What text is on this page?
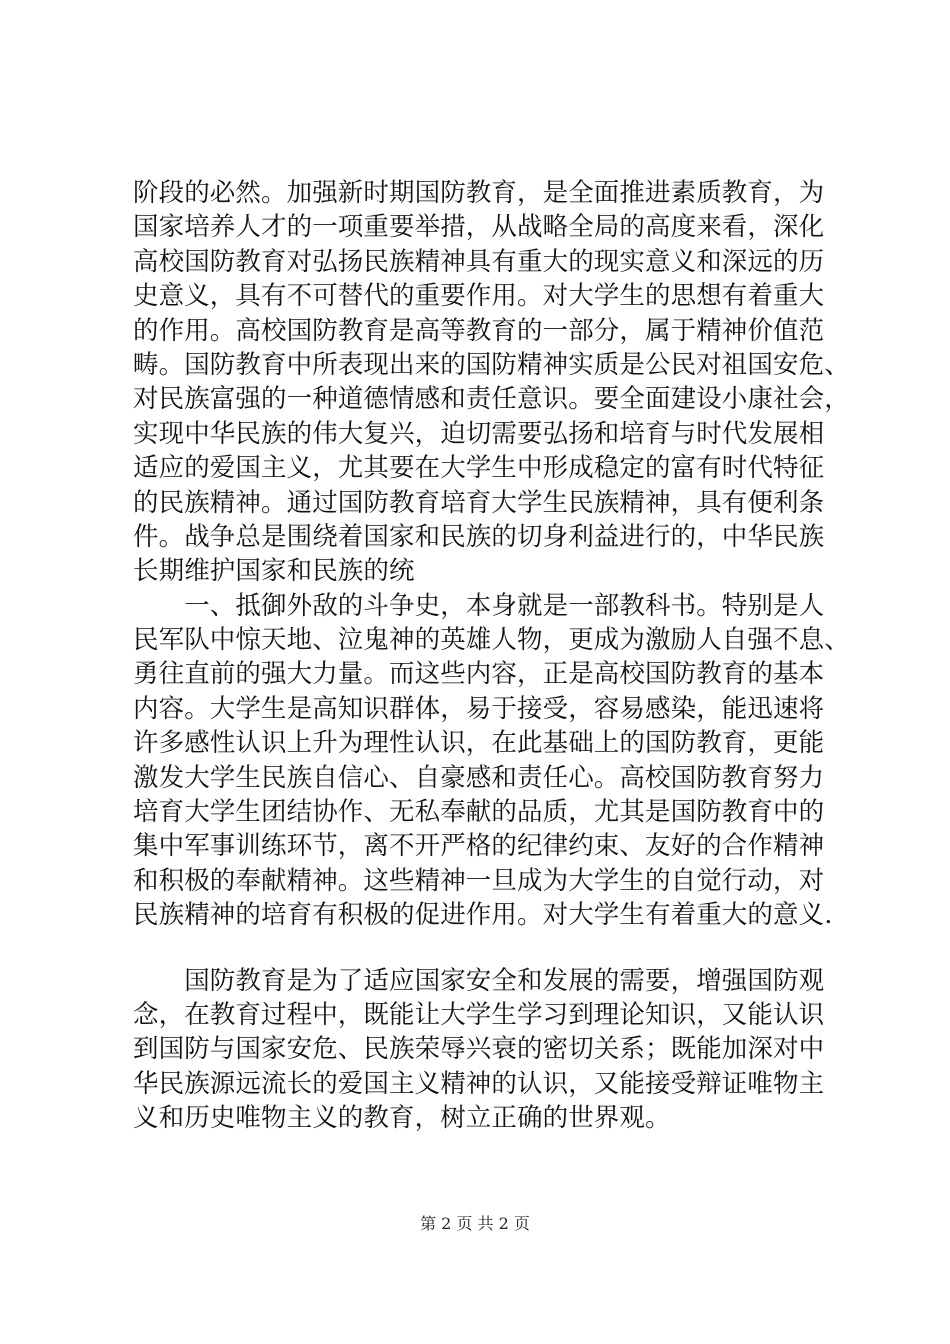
阶段的必然。加强新时期国防教育，是全面推进素质教育，为
国家培养人才的一项重要举措，从战略全局的高度来看，深化
高校国防教育对弘扬民族精神具有重大的现实意义和深远的历
史意义，具有不可替代的重要作用。对大学生的思想有着重大
的作用。高校国防教育是高等教育的一部分，属于精神价值范
畴。国防教育中所表现出来的国防精神实质是公民对祖国安危、
对民族富强的一种道德情感和责任意识。要全面建设小康社会，
实现中华民族的伟大复兴，迫切需要弘扬和培育与时代发展相
适应的爱国主义，尤其要在大学生中形成稳定的富有时代特征
的民族精神。通过国防教育培育大学生民族精神，具有便利条
件。战争总是围绕着国家和民族的切身利益进行的，中华民族
长期维护国家和民族的统
　　一、抵御外敌的斗争史，本身就是一部教科书。特别是人
民军队中惊天地、泣鬼神的英雄人物，更成为激励人自强不息、
勇往直前的强大力量。而这些内容，正是高校国防教育的基本
内容。大学生是高知识群体，易于接受，容易感染，能迅速将
许多感性认识上升为理性认识，在此基础上的国防教育，更能
激发大学生民族自信心、自豪感和责任心。高校国防教育努力
培育大学生团结协作、无私奉献的品质，尤其是国防教育中的
集中军事训练环节，离不开严格的纪律约束、友好的合作精神
和积极的奉献精神。这些精神一旦成为大学生的自觉行动，对
民族精神的培育有积极的促进作用。对大学生有着重大的意义.
　　国防教育是为了适应国家安全和发展的需要，增强国防观
念，在教育过程中，既能让大学生学习到理论知识，又能认识
到国防与国家安危、民族荣辱兴衰的密切关系；既能加深对中
华民族源远流长的爱国主义精神的认识，又能接受辩证唯物主
义和历史唯物主义的教育，树立正确的世界观。
第 2 页 共 2 页
